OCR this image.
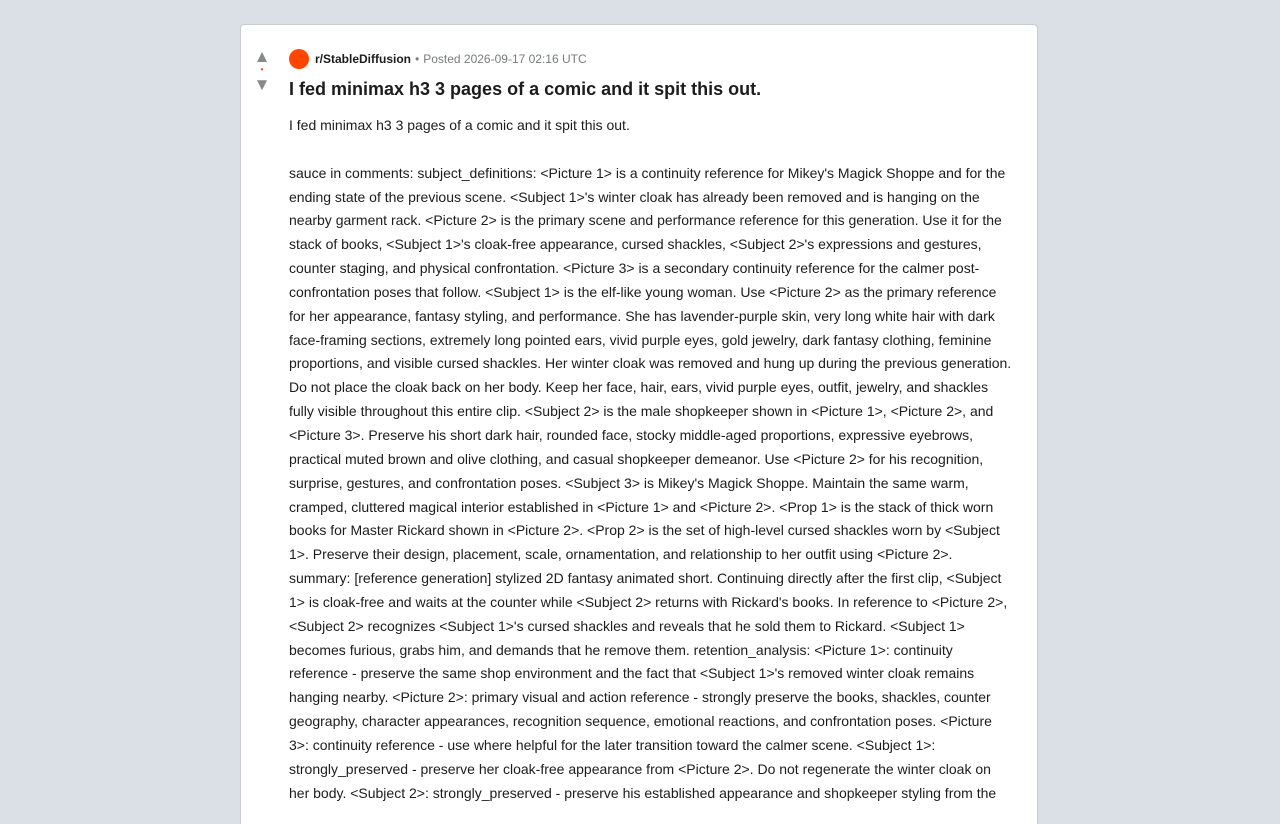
▲
•
▼
r/StableDiffusion • Posted 2026-09-17 02:16 UTC
I fed minimax h3 3 pages of a comic and it spit this out.
I fed minimax h3 3 pages of a comic and it spit this out.

sauce in comments: subject_definitions: <Picture 1> is a continuity reference for Mikey's Magick Shoppe and for the ending state of the previous scene. <Subject 1>'s winter cloak has already been removed and is hanging on the nearby garment rack. <Picture 2> is the primary scene and performance reference for this generation. Use it for the stack of books, <Subject 1>'s cloak-free appearance, cursed shackles, <Subject 2>'s expressions and gestures, counter staging, and physical confrontation. <Picture 3> is a secondary continuity reference for the calmer post-confrontation poses that follow. <Subject 1> is the elf-like young woman. Use <Picture 2> as the primary reference for her appearance, fantasy styling, and performance. She has lavender-purple skin, very long white hair with dark face-framing sections, extremely long pointed ears, vivid purple eyes, gold jewelry, dark fantasy clothing, feminine proportions, and visible cursed shackles. Her winter cloak was removed and hung up during the previous generation. Do not place the cloak back on her body. Keep her face, hair, ears, vivid purple eyes, outfit, jewelry, and shackles fully visible throughout this entire clip. <Subject 2> is the male shopkeeper shown in <Picture 1>, <Picture 2>, and <Picture 3>. Preserve his short dark hair, rounded face, stocky middle-aged proportions, expressive eyebrows, practical muted brown and olive clothing, and casual shopkeeper demeanor. Use <Picture 2> for his recognition, surprise, gestures, and confrontation poses. <Subject 3> is Mikey's Magick Shoppe. Maintain the same warm, cramped, cluttered magical interior established in <Picture 1> and <Picture 2>. <Prop 1> is the stack of thick worn books for Master Rickard shown in <Picture 2>. <Prop 2> is the set of high-level cursed shackles worn by <Subject 1>. Preserve their design, placement, scale, ornamentation, and relationship to her outfit using <Picture 2>. summary: [reference generation] stylized 2D fantasy animated short. Continuing directly after the first clip, <Subject 1> is cloak-free and waits at the counter while <Subject 2> returns with Rickard's books. In reference to <Picture 2>, <Subject 2> recognizes <Subject 1>'s cursed shackles and reveals that he sold them to Rickard. <Subject 1> becomes furious, grabs him, and demands that he remove them. retention_analysis: <Picture 1>: continuity reference - preserve the same shop environment and the fact that <Subject 1>'s removed winter cloak remains hanging nearby. <Picture 2>: primary visual and action reference - strongly preserve the books, shackles, counter geography, character appearances, recognition sequence, emotional reactions, and confrontation poses. <Picture 3>: continuity reference - use where helpful for the later transition toward the calmer scene. <Subject 1>: strongly_preserved - preserve her cloak-free appearance from <Picture 2>. Do not regenerate the winter cloak on her body. <Subject 2>: strongly_preserved - preserve his established appearance and shopkeeper styling from the
